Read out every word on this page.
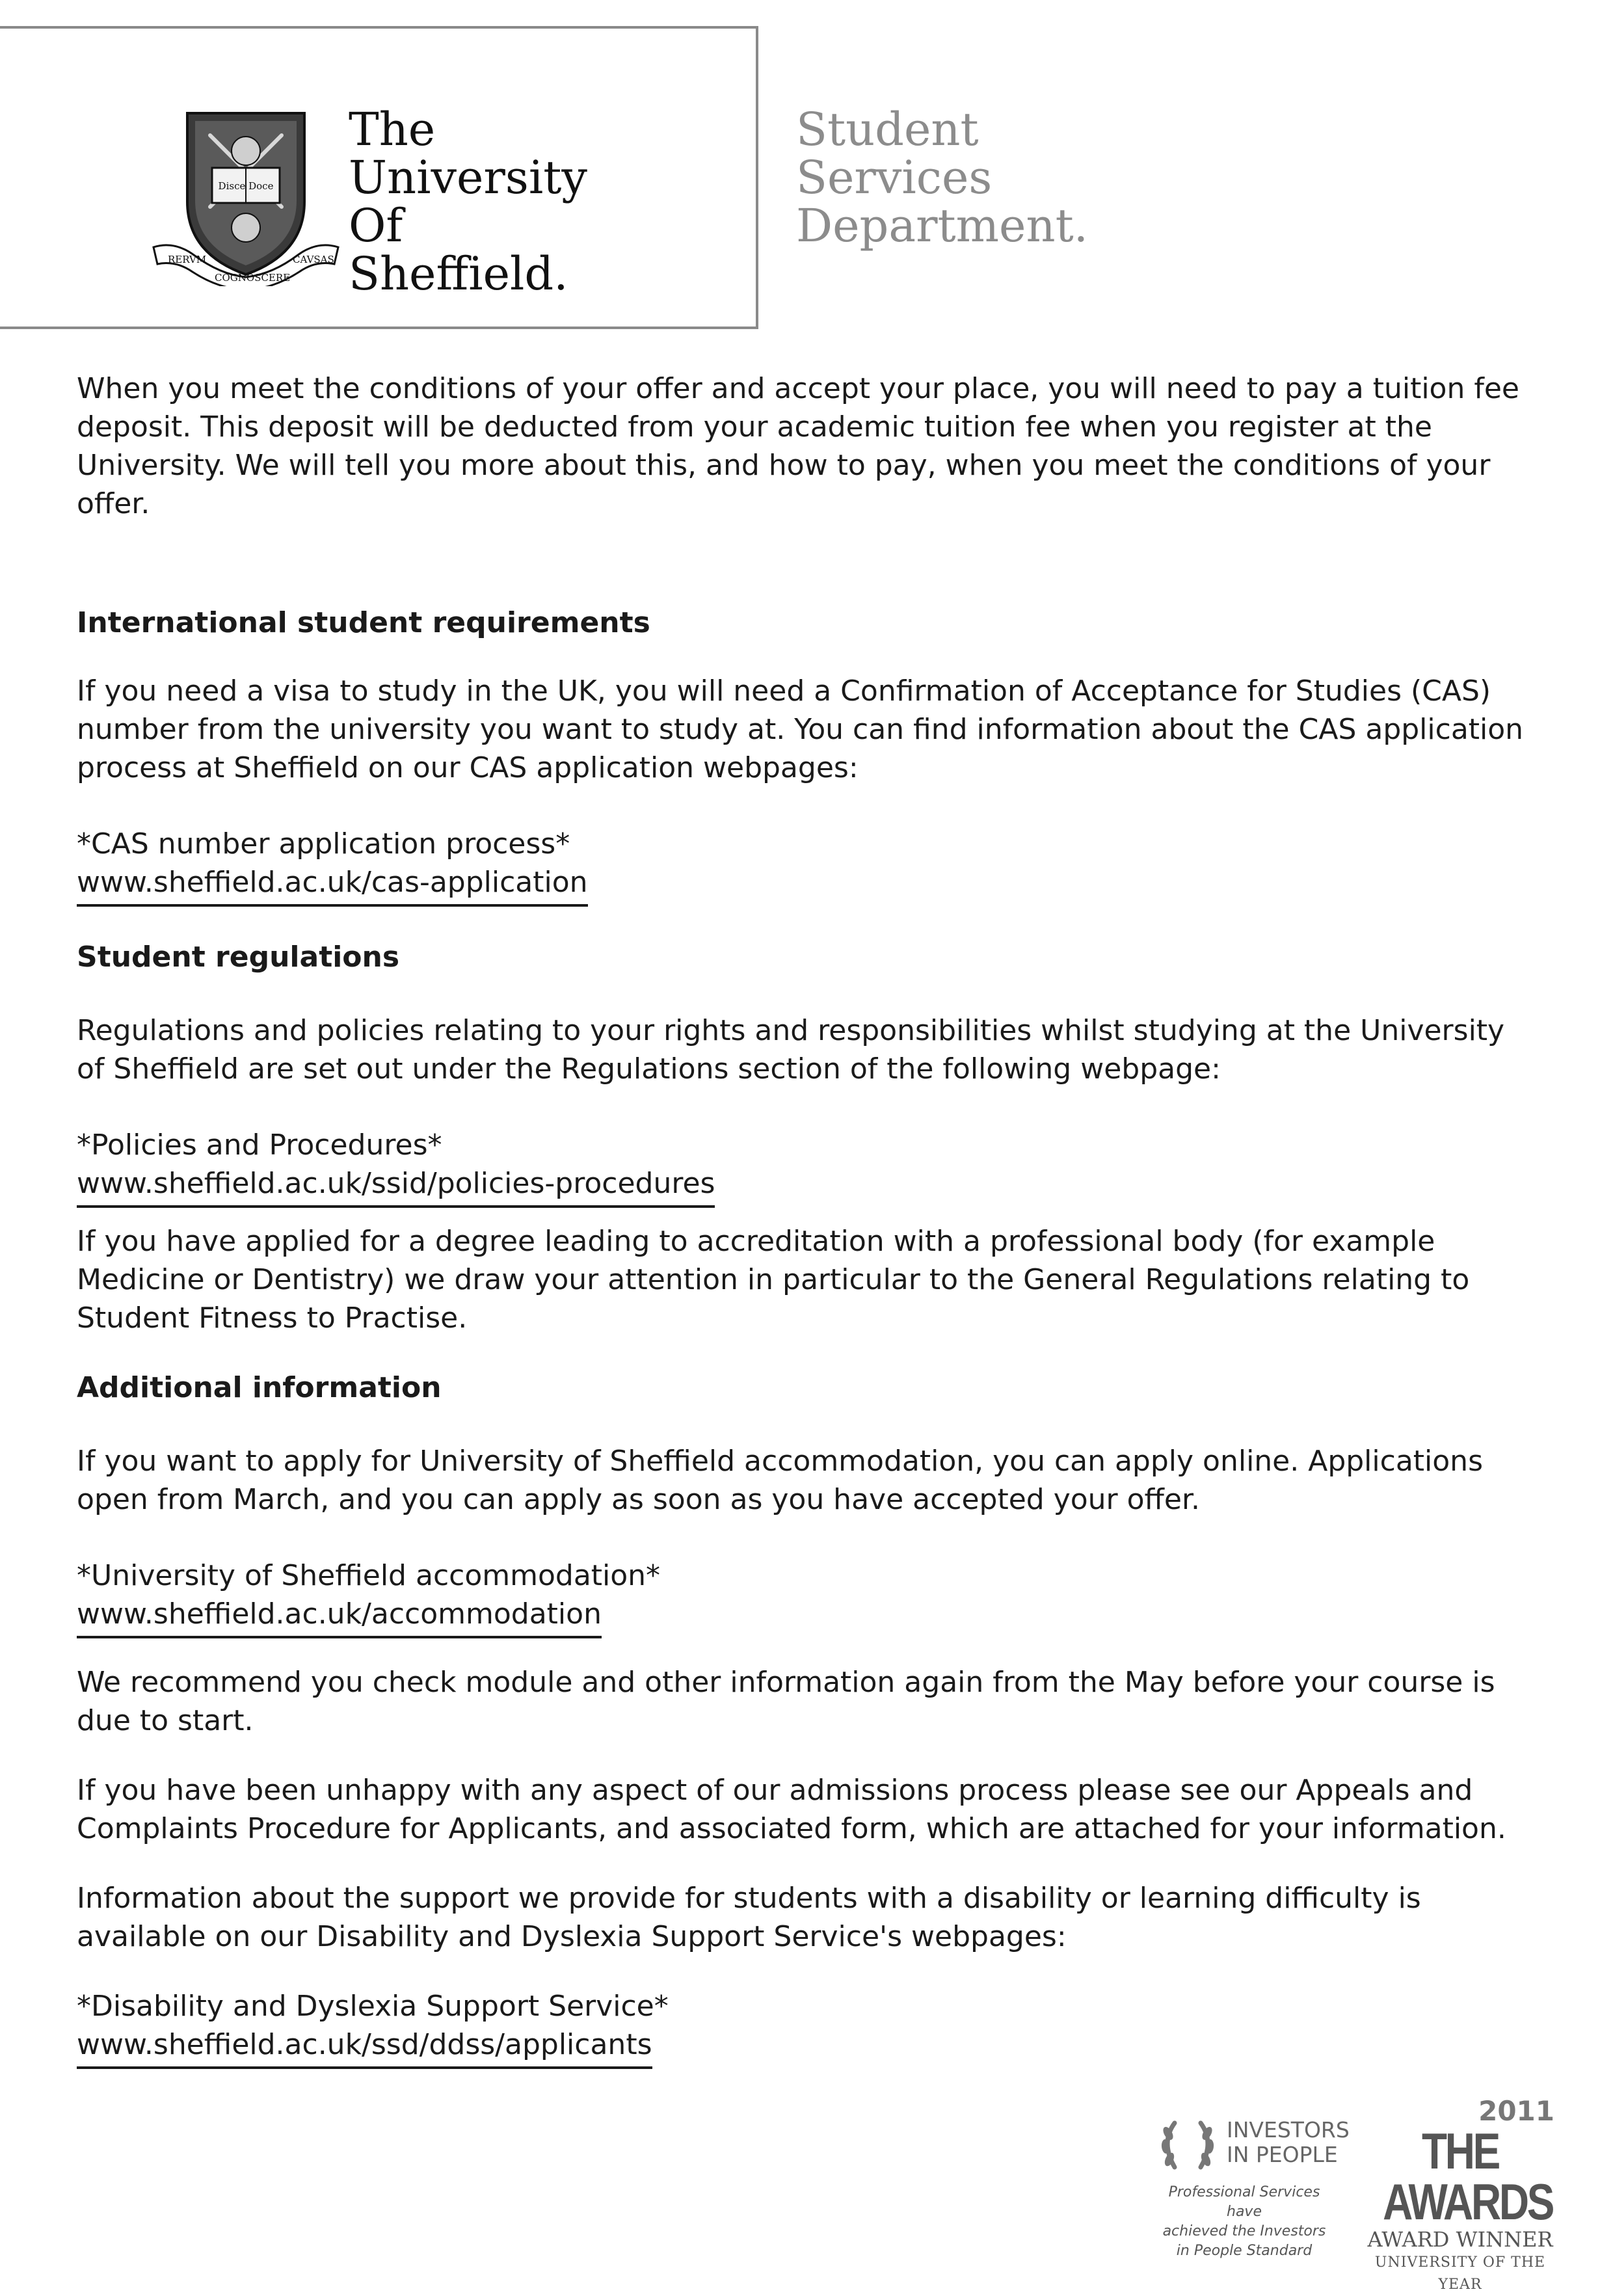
Disce Doce
RERVM
COGNOSCERE
CAVSAS
The
University
Of
Sheffield.
Student
Services
Department.

When you meet the conditions of your offer and accept your place, you will need to pay a tuition fee deposit. This deposit will be deducted from your academic tuition fee when you register at the University. We will tell you more about this, and how to pay, when you meet the conditions of your offer.

International student requirements

If you need a visa to study in the UK, you will need a Confirmation of Acceptance for Studies (CAS) number from the university you want to study at. You can find information about the CAS application process at Sheffield on our CAS application webpages:

*CAS number application process*

www.sheffield.ac.uk/cas-application

Student regulations

Regulations and policies relating to your rights and responsibilities whilst studying at the University of Sheffield are set out under the Regulations section of the following webpage:

*Policies and Procedures*

www.sheffield.ac.uk/ssid/policies-procedures

If you have applied for a degree leading to accreditation with a professional body (for example Medicine or Dentistry) we draw your attention in particular to the General Regulations relating to Student Fitness to Practise.

Additional information

If you want to apply for University of Sheffield accommodation, you can apply online. Applications open from March, and you can apply as soon as you have accepted your offer.

*University of Sheffield accommodation*

www.sheffield.ac.uk/accommodation

We recommend you check module and other information again from the May before your course is due to start.

If you have been unhappy with any aspect of our admissions process please see our Appeals and Complaints Procedure for Applicants, and associated form, which are attached for your information.

Information about the support we provide for students with a disability or learning difficulty is available on our Disability and Dyslexia Support Service's webpages:

*Disability and Dyslexia Support Service*

www.sheffield.ac.uk/ssd/ddss/applicants

INVESTORS
IN PEOPLE
Professional Services have
achieved the Investors
in People Standard
2011
THE AWARDS
AWARD WINNER
UNIVERSITY OF THE YEAR
